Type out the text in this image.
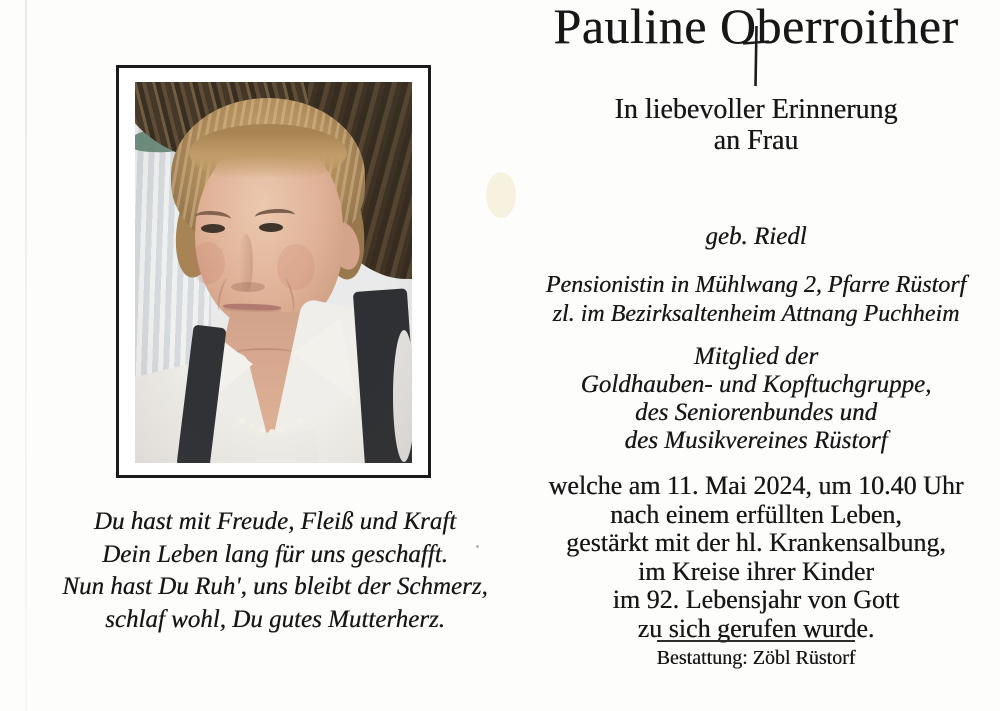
Du hast mit Freude, Fleiß und Kraft

Dein Leben lang für uns geschafft.

Nun hast Du Ruh', uns bleibt der Schmerz,

schlaf wohl, Du gutes Mutterherz.

In liebevoller Erinnerung

an Frau

Pauline Oberroither

geb. Riedl

Pensionistin in Mühlwang 2, Pfarre Rüstorf

zl. im Bezirksaltenheim Attnang Puchheim

Mitglied der

Goldhauben- und Kopftuchgruppe,

des Seniorenbundes und

des Musikvereines Rüstorf

welche am 11. Mai 2024, um 10.40 Uhr

nach einem erfüllten Leben,

gestärkt mit der hl. Krankensalbung,

im Kreise ihrer Kinder

im 92. Lebensjahr von Gott

zu sich gerufen wurde.

Bestattung: Zöbl Rüstorf
